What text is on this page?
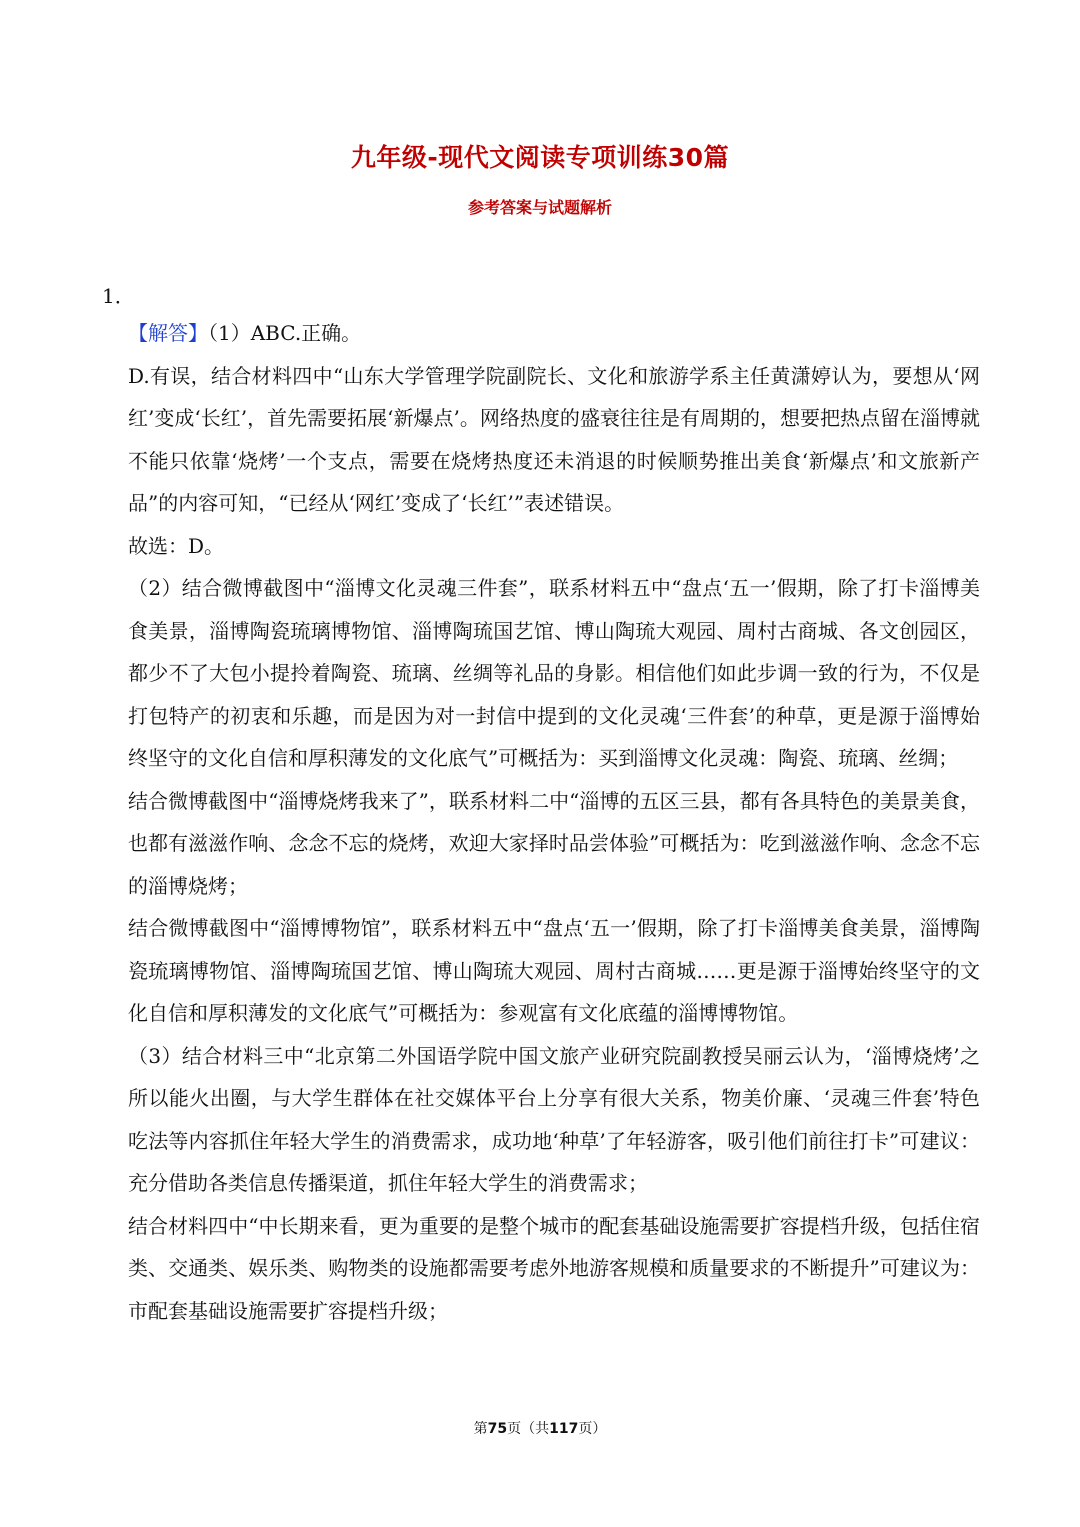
九年级-现代文阅读专项训练30篇
参考答案与试题解析
1．

【解答】（1）ABC.正确。

D.有误，结合材料四中“山东大学管理学院副院长、文化和旅游学系主任黄潇婷认为，要想从‘网红’变成‘长红’，首先需要拓展‘新爆点’。网络热度的盛衰往往是有周期的，想要把热点留在淄博就不能只依靠‘烧烤’一个支点，需要在烧烤热度还未消退的时候顺势推出美食‘新爆点’和文旅新产品”的内容可知，“已经从‘网红’变成了‘长红’”表述错误。

故选：D。

（2）结合微博截图中“淄博文化灵魂三件套”，联系材料五中“盘点‘五一’假期，除了打卡淄博美食美景，淄博陶瓷琉璃博物馆、淄博陶琉国艺馆、博山陶琉大观园、周村古商城、各文创园区，都少不了大包小提拎着陶瓷、琉璃、丝绸等礼品的身影。相信他们如此步调一致的行为，不仅是打包特产的初衷和乐趣，而是因为对一封信中提到的文化灵魂‘三件套’的种草，更是源于淄博始终坚守的文化自信和厚积薄发的文化底气”可概括为：买到淄博文化灵魂：陶瓷、琉璃、丝绸；

结合微博截图中“淄博烧烤我来了”，联系材料二中“淄博的五区三县，都有各具特色的美景美食，也都有滋滋作响、念念不忘的烧烤，欢迎大家择时品尝体验”可概括为：吃到滋滋作响、念念不忘的淄博烧烤；

结合微博截图中“淄博博物馆”，联系材料五中“盘点‘五一’假期，除了打卡淄博美食美景，淄博陶瓷琉璃博物馆、淄博陶琉国艺馆、博山陶琉大观园、周村古商城……更是源于淄博始终坚守的文化自信和厚积薄发的文化底气”可概括为：参观富有文化底蕴的淄博博物馆。

（3）结合材料三中“北京第二外国语学院中国文旅产业研究院副教授吴丽云认为，‘淄博烧烤’之所以能火出圈，与大学生群体在社交媒体平台上分享有很大关系，物美价廉、‘灵魂三件套’特色吃法等内容抓住年轻大学生的消费需求，成功地‘种草’了年轻游客，吸引他们前往打卡”可建议：充分借助各类信息传播渠道，抓住年轻大学生的消费需求；

结合材料四中“中长期来看，更为重要的是整个城市的配套基础设施需要扩容提档升级，包括住宿类、交通类、娱乐类、购物类的设施都需要考虑外地游客规模和质量要求的不断提升”可建议为：市配套基础设施需要扩容提档升级；

第75页（共117页）
